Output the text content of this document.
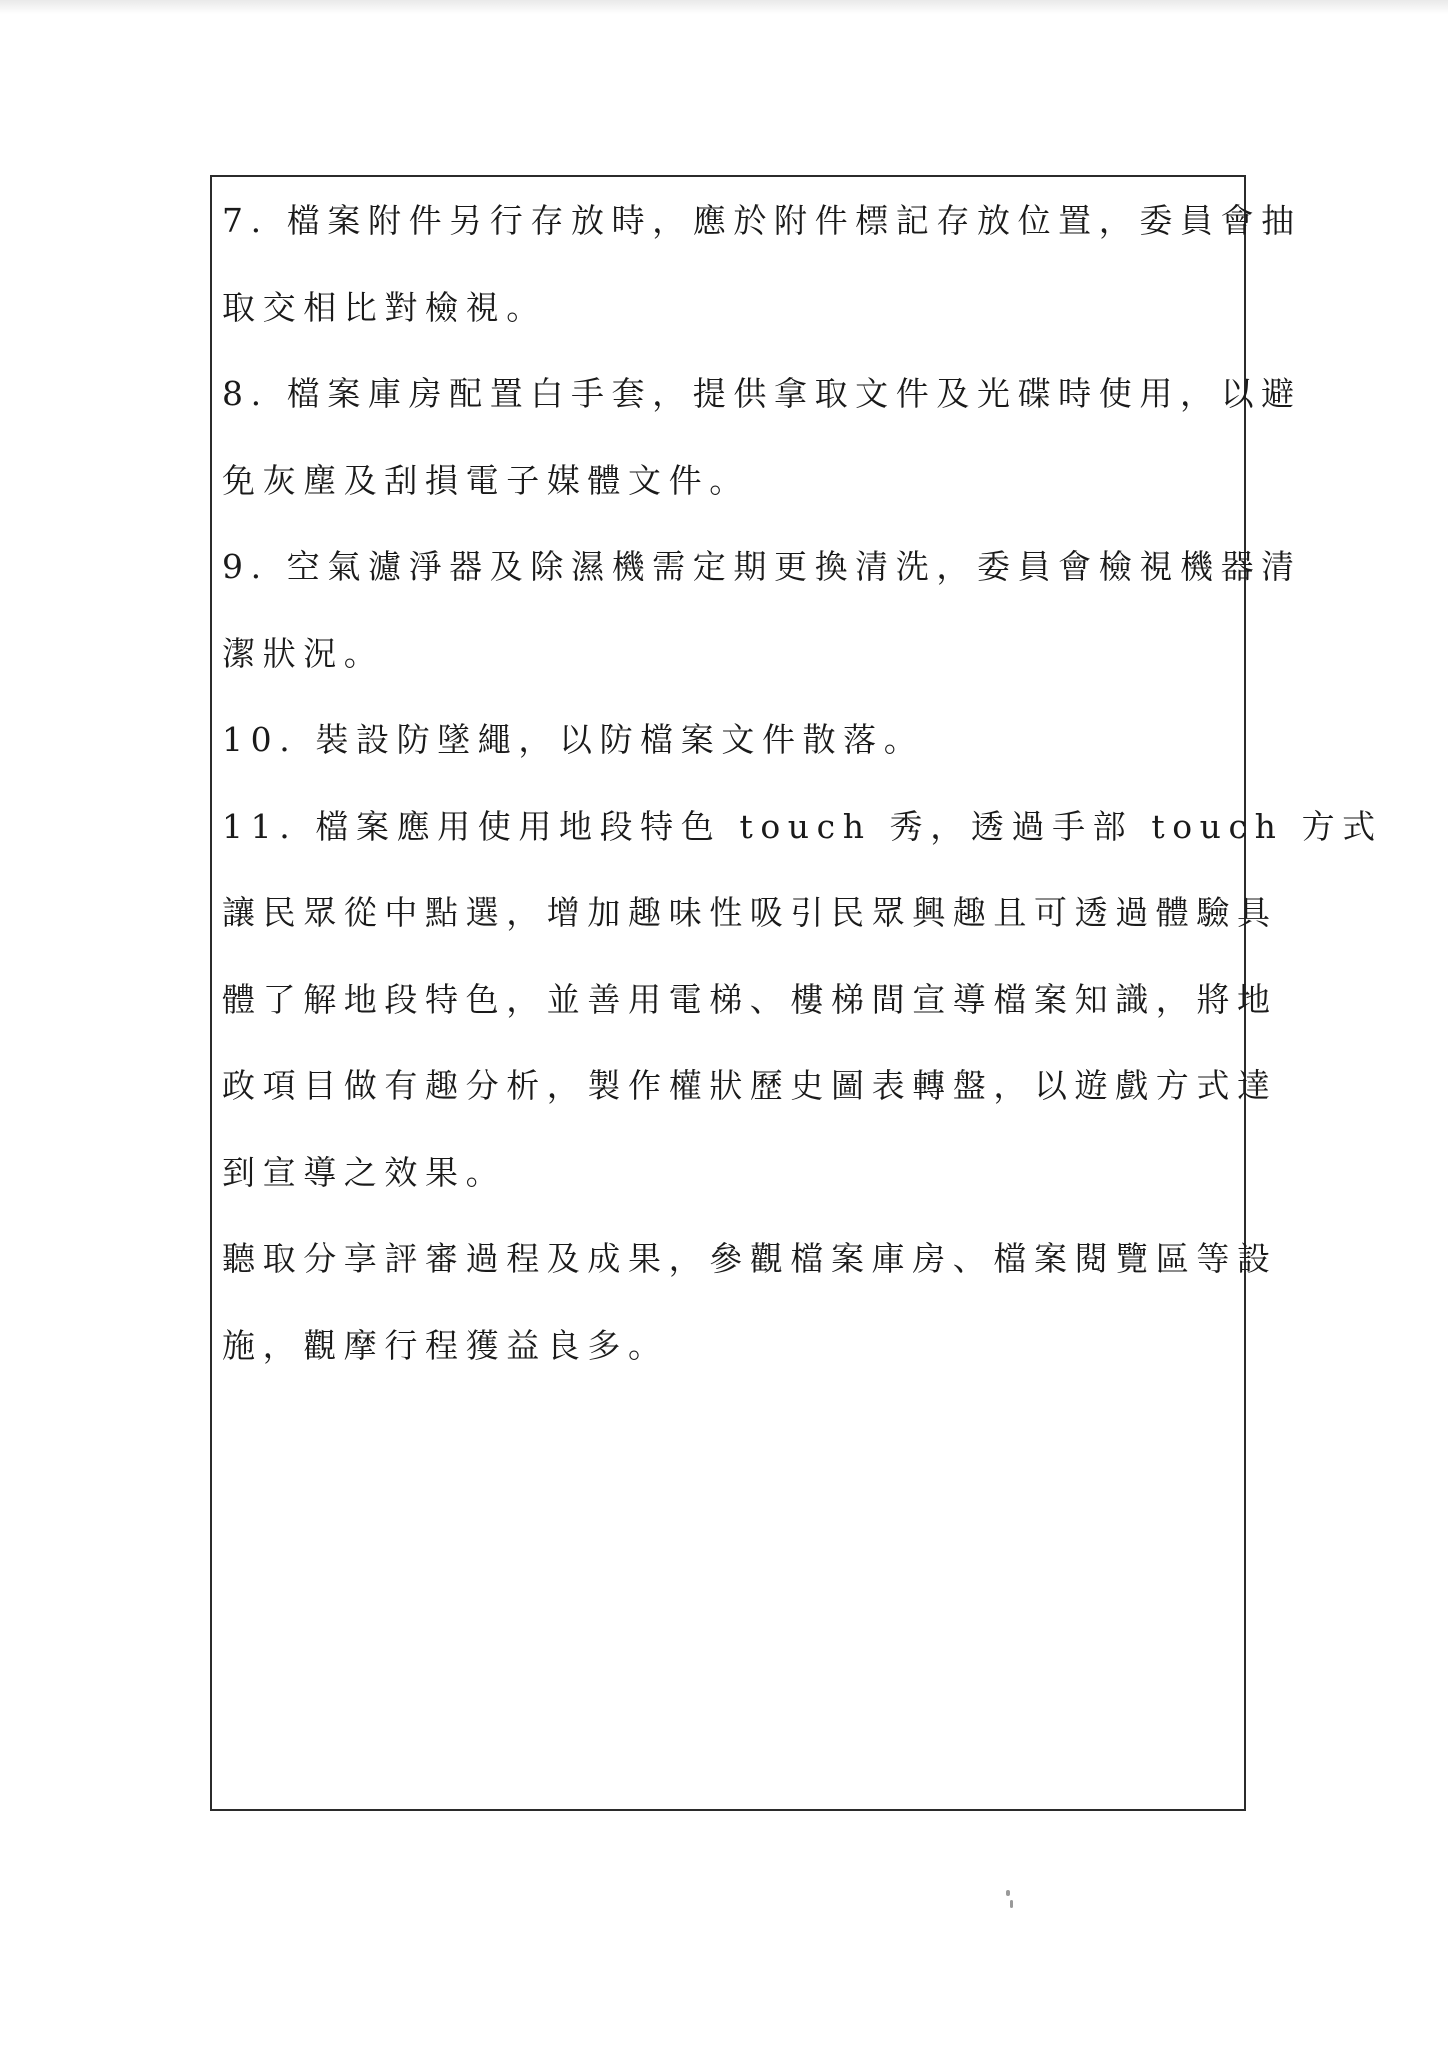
7. 檔案附件另行存放時，應於附件標記存放位置，委員會抽
取交相比對檢視。
8. 檔案庫房配置白手套，提供拿取文件及光碟時使用，以避
免灰塵及刮損電子媒體文件。
9. 空氣濾淨器及除濕機需定期更換清洗，委員會檢視機器清
潔狀況。
10. 裝設防墜繩，以防檔案文件散落。
11. 檔案應用使用地段特色 touch 秀，透過手部 touch 方式
讓民眾從中點選，增加趣味性吸引民眾興趣且可透過體驗具
體了解地段特色，並善用電梯、樓梯間宣導檔案知識，將地
政項目做有趣分析，製作權狀歷史圖表轉盤，以遊戲方式達
到宣導之效果。
聽取分享評審過程及成果，參觀檔案庫房、檔案閱覽區等設
施，觀摩行程獲益良多。
